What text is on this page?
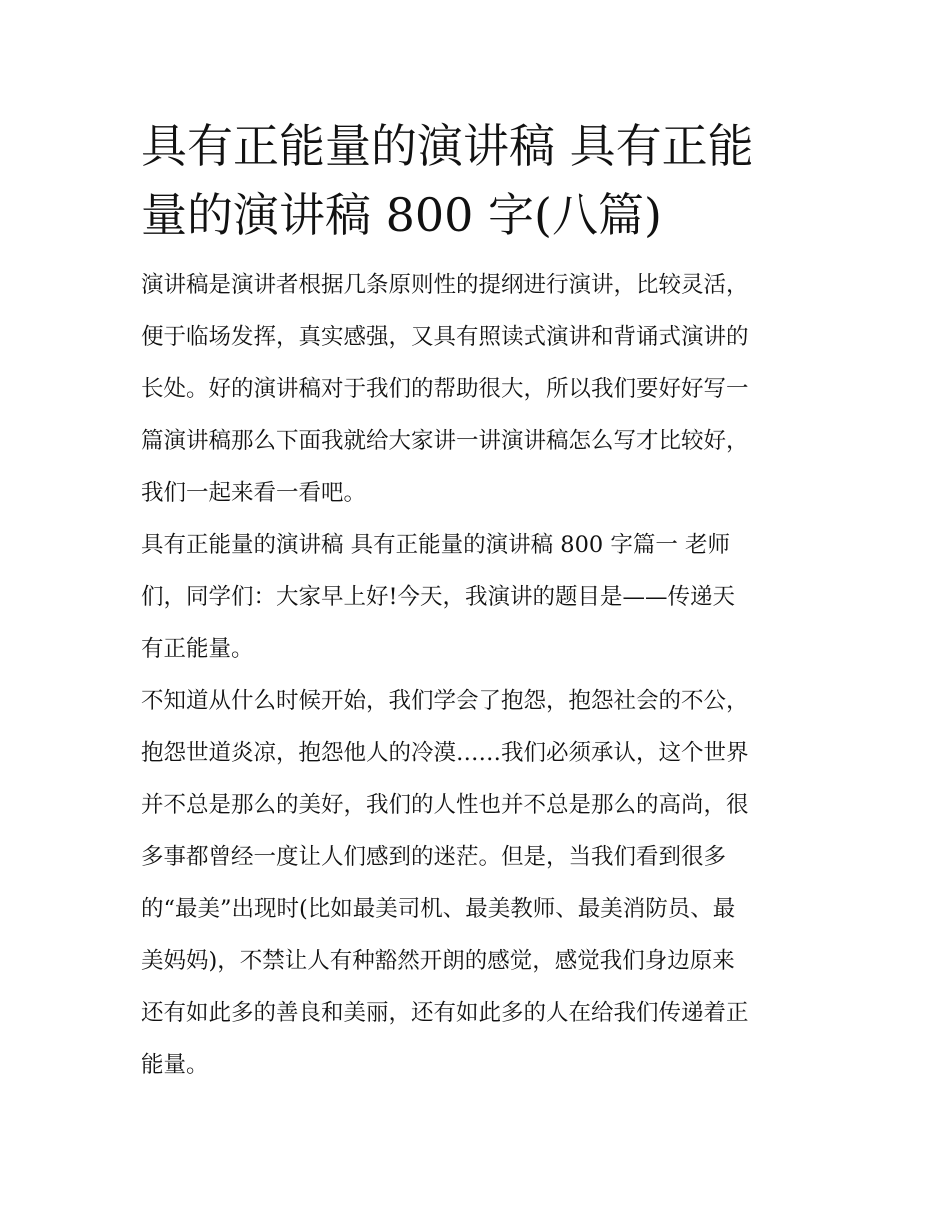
具有正能量的演讲稿 具有正能
量的演讲稿 800 字(八篇)

演讲稿是演讲者根据几条原则性的提纲进行演讲，比较灵活，
便于临场发挥，真实感强，又具有照读式演讲和背诵式演讲的
长处。好的演讲稿对于我们的帮助很大，所以我们要好好写一
篇演讲稿那么下面我就给大家讲一讲演讲稿怎么写才比较好，
我们一起来看一看吧。

具有正能量的演讲稿 具有正能量的演讲稿 800 字篇一 老师
们，同学们：大家早上好!今天，我演讲的题目是——传递天
有正能量。

不知道从什么时候开始，我们学会了抱怨，抱怨社会的不公，
抱怨世道炎凉，抱怨他人的冷漠……我们必须承认，这个世界
并不总是那么的美好，我们的人性也并不总是那么的高尚，很
多事都曾经一度让人们感到的迷茫。但是，当我们看到很多
的“最美”出现时(比如最美司机、最美教师、最美消防员、最
美妈妈)，不禁让人有种豁然开朗的感觉，感觉我们身边原来
还有如此多的善良和美丽，还有如此多的人在给我们传递着正
能量。
